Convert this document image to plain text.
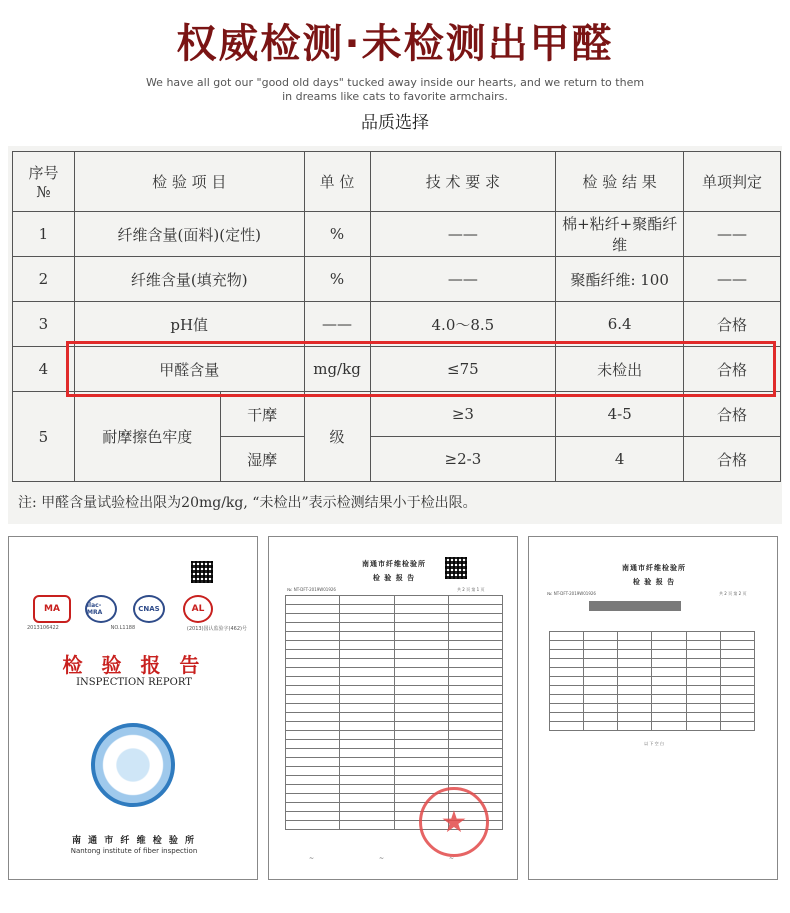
权威检测·未检测出甲醛
We have all got our "good old days" tucked away inside our hearts, and we return to them
in dreams like cats to favorite armchairs.
品质选择
序号
№	检 验 项 目		单 位	技 术 要 求	检 验 结 果	单项判定
1	纤维含量(面料)(定性)		%	——	棉+粘纤+聚酯纤维	——
2	纤维含量(填充物)		%	——	聚酯纤维: 100	——
3	pH值		——	4.0～8.5	6.4	合格
4	甲醛含量		mg/kg	≤75	未检出	合格
5	耐摩擦色牢度	干摩	级	≥3	4-5	合格
		湿摩		≥2-3	4	合格
注: 甲醛含量试验检出限为20mg/kg, “未检出”表示检测结果小于检出限。
MA	ilac-MRA	CNAS	AL
2013106422	NO.L1188	(2013)国认监验字(462)号
检 验 报 告
INSPECTION REPORT
南 通 市 纤 维 检 验 所
Nantong institute of fiber inspection
南通市纤维检验所
检 验 报 告
№: NT-DFT-2019W01926	共 2 页 第 1 页

★
~	~	~
南通市纤维检验所
检 验 报 告
№: NT-DFT-2019W01926	共 2 页 第 2 页

以 下 空 白
